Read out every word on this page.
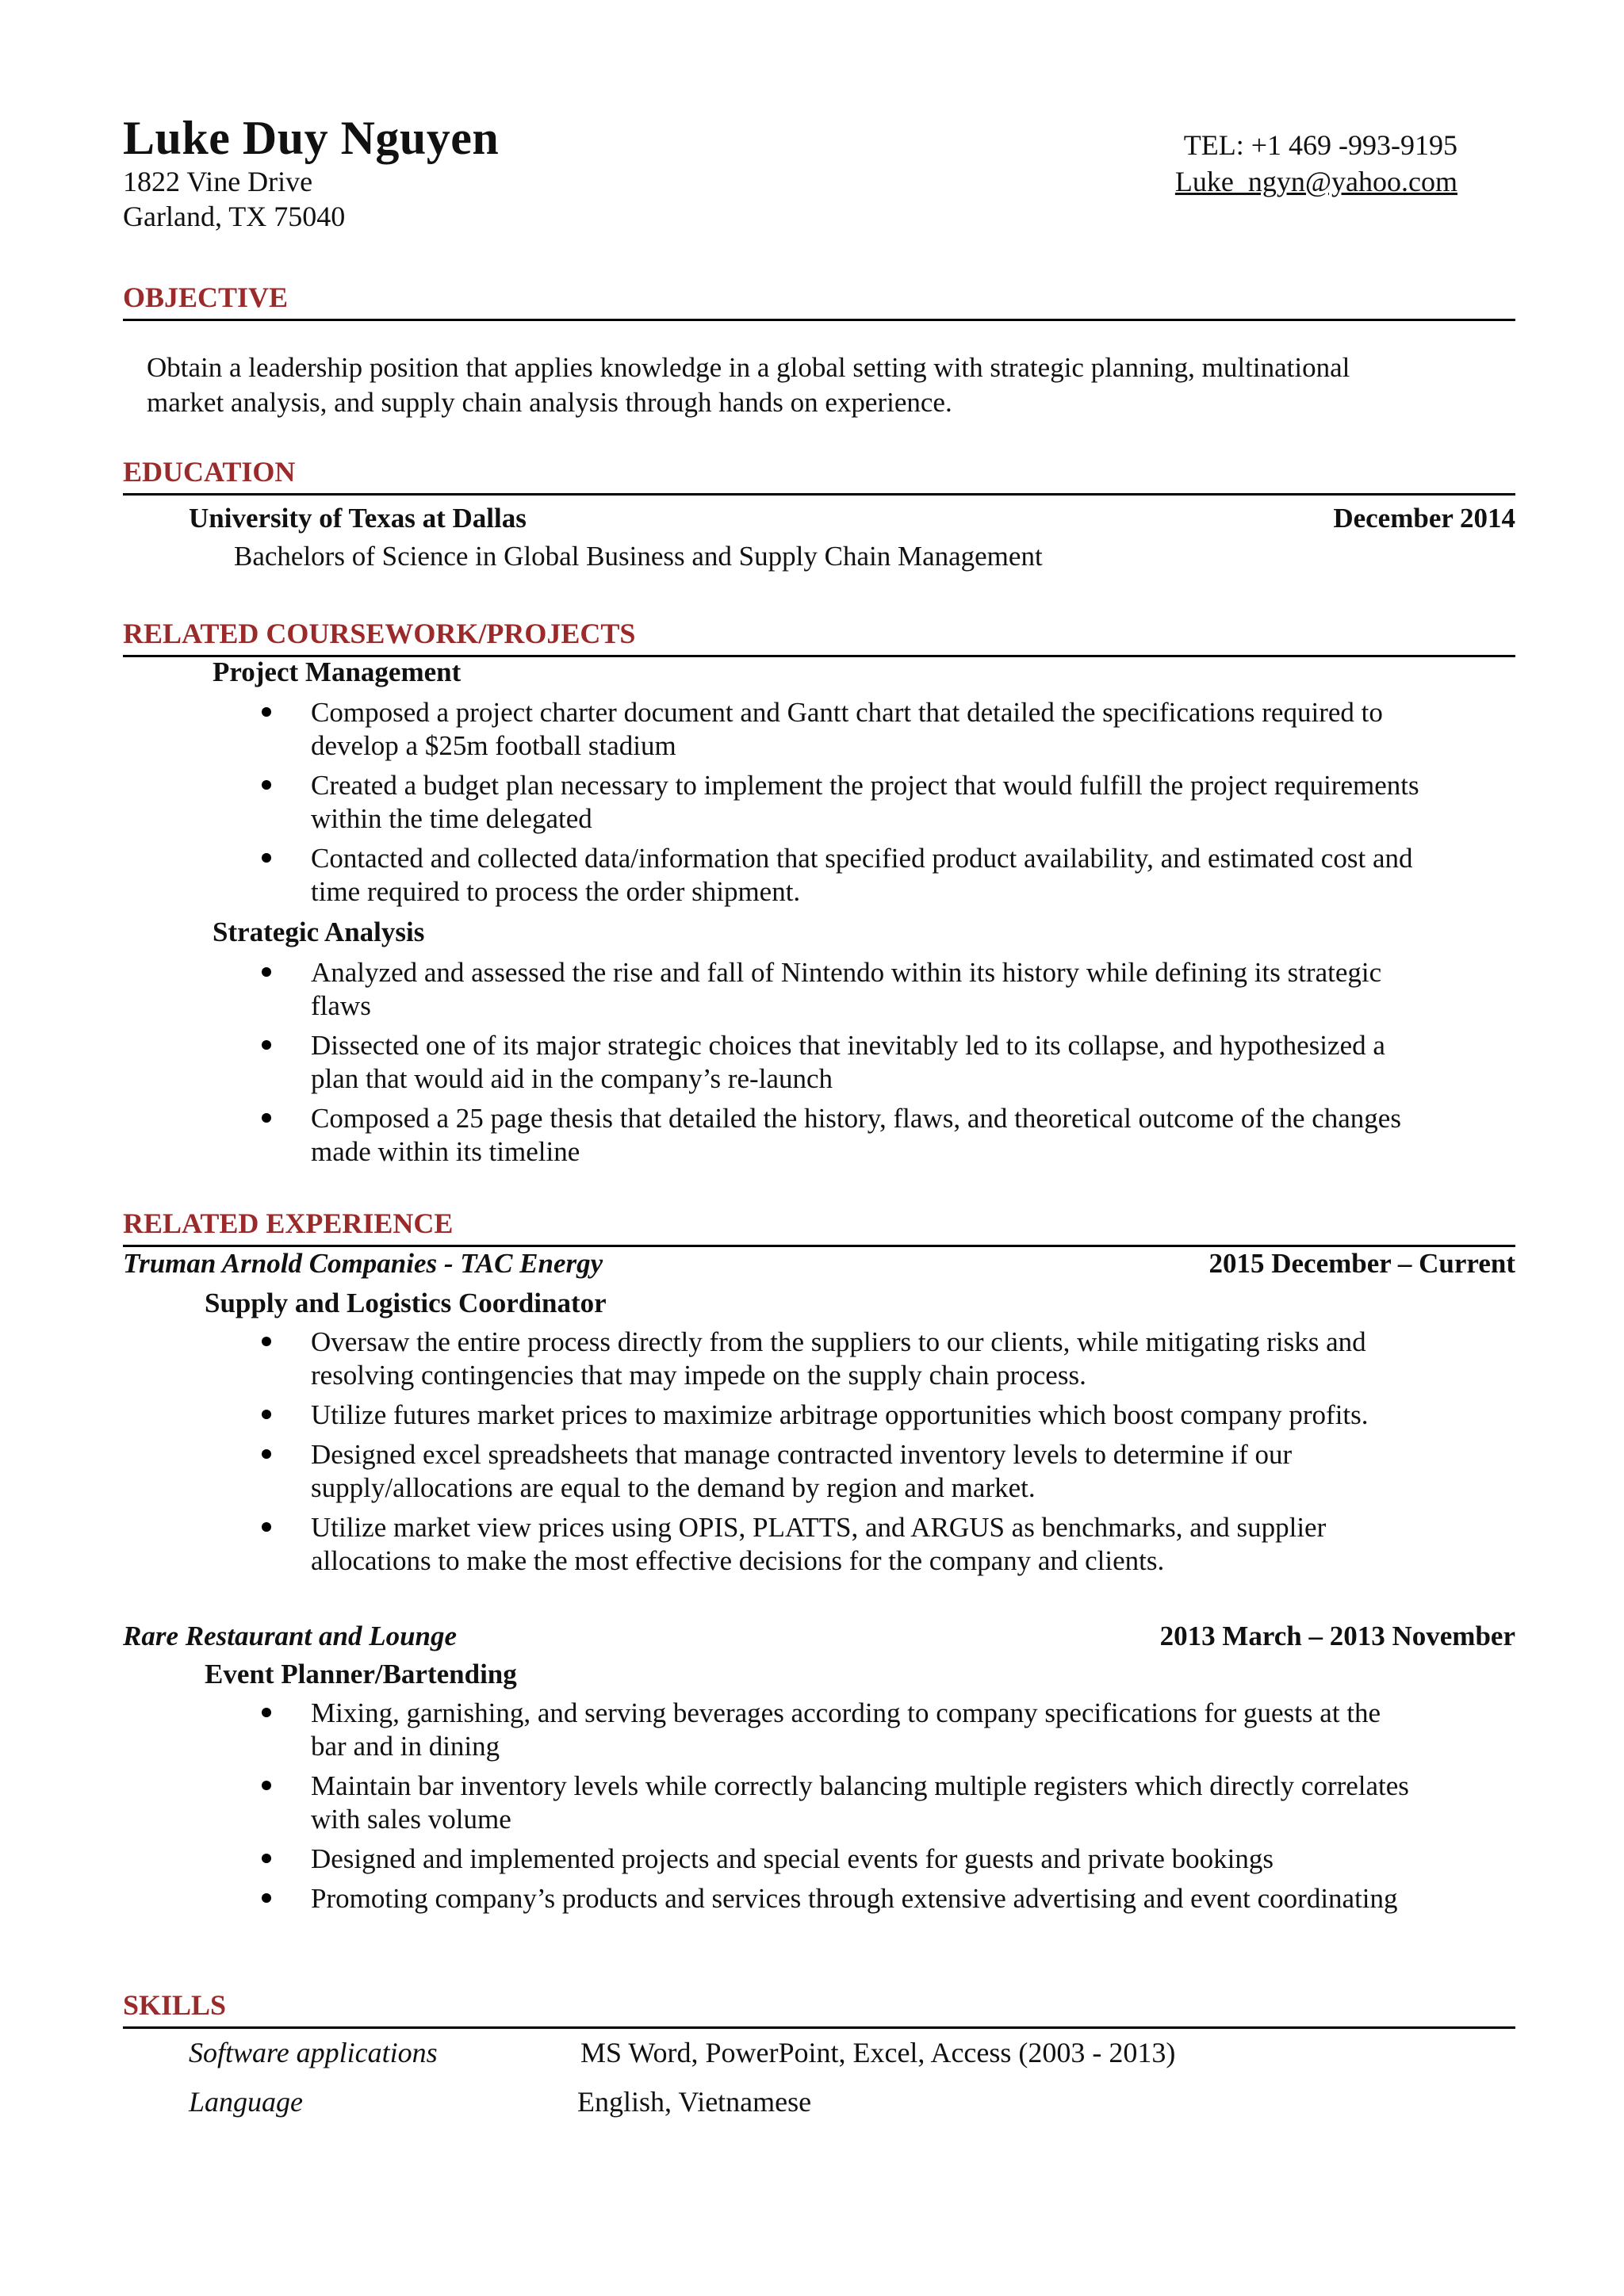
Luke Duy Nguyen
1822 Vine Drive
Garland, TX 75040
TEL: +1 469 -993-9195
Luke_ngyn@yahoo.com
OBJECTIVE
Obtain a leadership position that applies knowledge in a global setting with strategic planning, multinational
market analysis, and supply chain analysis through hands on experience.
EDUCATION
University of Texas at Dallas	December 2014
Bachelors of Science in Global Business and Supply Chain Management
RELATED COURSEWORK/PROJECTS
Project Management
Composed a project charter document and Gantt chart that detailed the specifications required to
develop a $25m football stadium
Created a budget plan necessary to implement the project that would fulfill the project requirements
within the time delegated
Contacted and collected data/information that specified product availability, and estimated cost and
time required to process the order shipment.
Strategic Analysis
Analyzed and assessed the rise and fall of Nintendo within its history while defining its strategic
flaws
Dissected one of its major strategic choices that inevitably led to its collapse, and hypothesized a
plan that would aid in the company’s re-launch
Composed a 25 page thesis that detailed the history, flaws, and theoretical outcome of the changes
made within its timeline
RELATED EXPERIENCE
Truman Arnold Companies - TAC Energy	2015 December – Current
Supply and Logistics Coordinator
Oversaw the entire process directly from the suppliers to our clients, while mitigating risks and
resolving contingencies that may impede on the supply chain process.
Utilize futures market prices to maximize arbitrage opportunities which boost company profits.
Designed excel spreadsheets that manage contracted inventory levels to determine if our
supply/allocations are equal to the demand by region and market.
Utilize market view prices using OPIS, PLATTS, and ARGUS as benchmarks, and supplier
allocations to make the most effective decisions for the company and clients.
Rare Restaurant and Lounge	2013 March – 2013 November
Event Planner/Bartending
Mixing, garnishing, and serving beverages according to company specifications for guests at the
bar and in dining
Maintain bar inventory levels while correctly balancing multiple registers which directly correlates
with sales volume
Designed and implemented projects and special events for guests and private bookings
Promoting company’s products and services through extensive advertising and event coordinating
SKILLS
Software applications	MS Word, PowerPoint, Excel, Access (2003 - 2013)
Language	English, Vietnamese
